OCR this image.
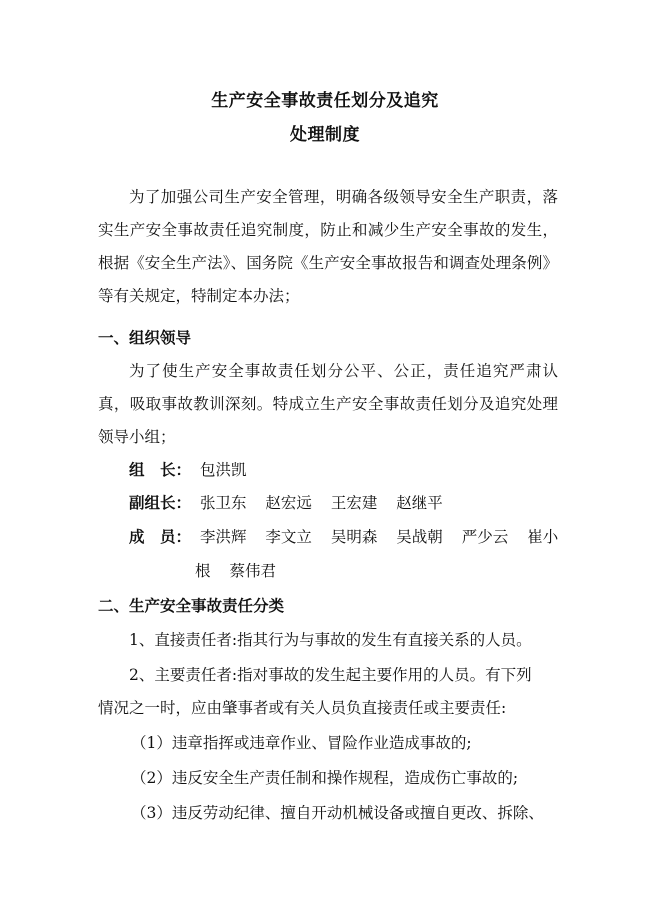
生产安全事故责任划分及追究
处理制度
为了加强公司生产安全管理，明确各级领导安全生产职责，落实生产安全事故责任追究制度，防止和减少生产安全事故的发生，根据《安全生产法》、国务院《生产安全事故报告和调查处理条例》等有关规定，特制定本办法；
一、组织领导
为了使生产安全事故责任划分公平、公正，责任追究严肃认真，吸取事故教训深刻。特成立生产安全事故责任划分及追究处理领导小组；
组　长： 包洪凯
副组长： 张卫东 赵宏远 王宏建 赵继平
成　员： 李洪辉 李文立 吴明森 吴战朝 严少云 崔小
根 蔡伟君
二、生产安全事故责任分类
1、直接责任者:指其行为与事故的发生有直接关系的人员。
2、主要责任者:指对事故的发生起主要作用的人员。有下列
情况之一时，应由肇事者或有关人员负直接责任或主要责任:
（1）违章指挥或违章作业、冒险作业造成事故的;
（2）违反安全生产责任制和操作规程，造成伤亡事故的;
（3）违反劳动纪律、擅自开动机械设备或擅自更改、拆除、
